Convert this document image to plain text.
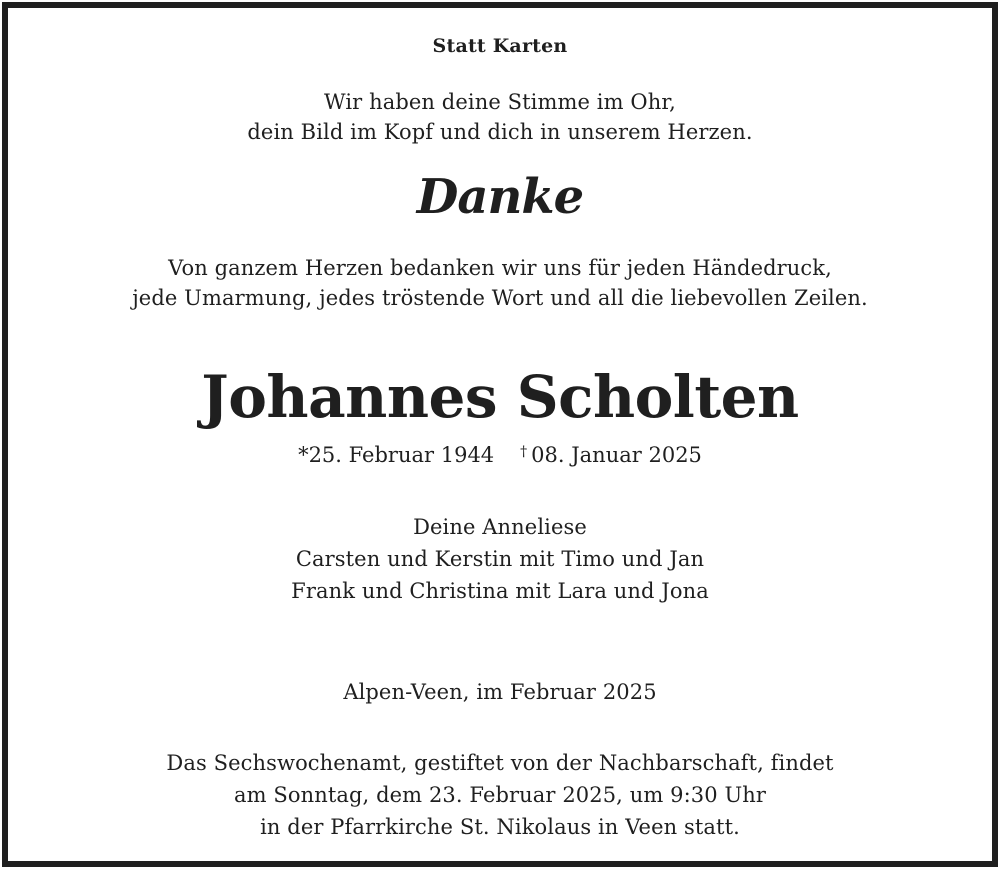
Statt Karten
Wir haben deine Stimme im Ohr,
dein Bild im Kopf und dich in unserem Herzen.
Danke
Von ganzem Herzen bedanken wir uns für jeden Händedruck,
jede Umarmung, jedes tröstende Wort und all die liebevollen Zeilen.
Johannes Scholten
*25. Februar 1944 † 08. Januar 2025
Deine Anneliese
Carsten und Kerstin mit Timo und Jan
Frank und Christina mit Lara und Jona
Alpen-Veen, im Februar 2025
Das Sechswochenamt, gestiftet von der Nachbarschaft, findet
am Sonntag, dem 23. Februar 2025, um 9:30 Uhr
in der Pfarrkirche St. Nikolaus in Veen statt.
